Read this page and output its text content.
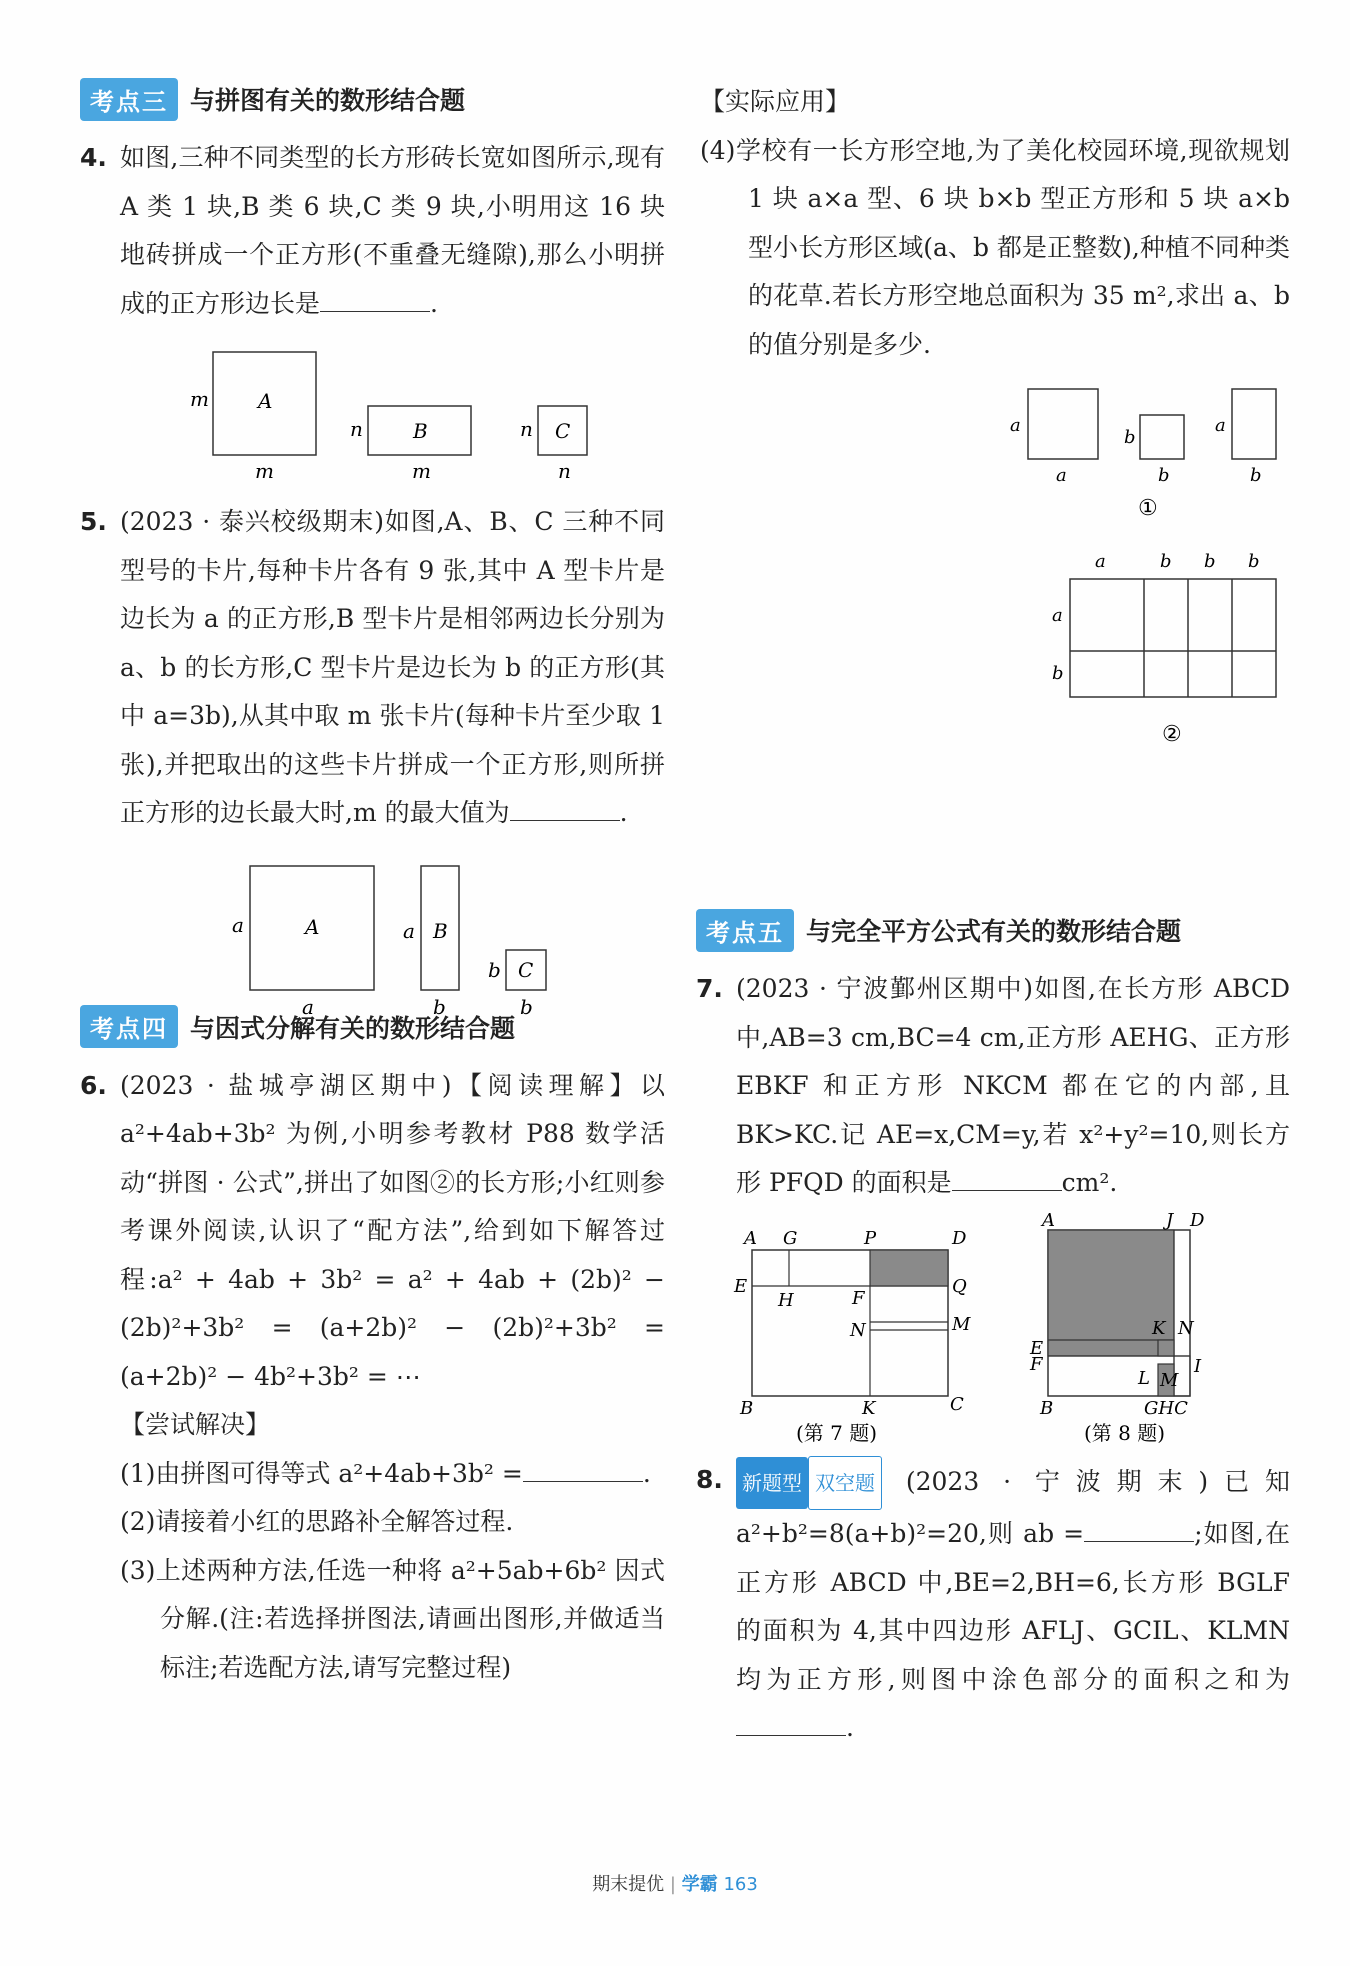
考点三 与拼图有关的数形结合题
4. 如图,三种不同类型的长方形砖长宽如图所示,现有 A 类 1 块,B 类 6 块,C 类 9 块,小明用这 16 块地砖拼成一个正方形(不重叠无缝隙),那么小明拼成的正方形边长是	.

A
m
m
B
n
m
C
n
n
5. (2023 · 泰兴校级期末)如图,A、B、C 三种不同型号的卡片,每种卡片各有 9 张,其中 A 型卡片是边长为 a 的正方形,B 型卡片是相邻两边长分别为 a、b 的长方形,C 型卡片是边长为 b 的正方形(其中 a=3b),从其中取 m 张卡片(每种卡片至少取 1 张),并把取出的这些卡片拼成一个正方形,则所拼正方形的边长最大时,m 的最大值为	.

A
a
a
B
a
b
C
b
b
考点四 与因式分解有关的数形结合题
6. (2023 · 盐城亭湖区期中)【阅读理解】以 a²+4ab+3b² 为例,小明参考教材 P88 数学活动“拼图 · 公式”,拼出了如图②的长方形;小红则参考课外阅读,认识了“配方法”,给到如下解答过程:a² + 4ab + 3b² = a² + 4ab + (2b)² − (2b)²+3b² = (a+2b)² − (2b)²+3b² = (a+2b)² − 4b²+3b² = ⋯

【尝试解决】

(1)由拼图可得等式 a²+4ab+3b² =	.

(2)请接着小红的思路补全解答过程.

(3)上述两种方法,任选一种将 a²+5ab+6b² 因式分解.(注:若选择拼图法,请画出图形,并做适当标注;若选配方法,请写完整过程)

【实际应用】

(4)学校有一长方形空地,为了美化校园环境,现欲规划 1 块 a×a 型、6 块 b×b 型正方形和 5 块 a×b 型小长方形区域(a、b 都是正整数),种植不同种类的花草.若长方形空地总面积为 35 m²,求出 a、b 的值分别是多少.

a
a
b
b
a
b
①
a	b b b
a
b
②
考点五 与完全平方公式有关的数形结合题
7. (2023 · 宁波鄞州区期中)如图,在长方形 ABCD 中,AB=3 cm,BC=4 cm,正方形 AEHG、正方形 EBKF 和正方形 NKCM 都在它的内部,且 BK>KC.记 AE=x,CM=y,若 x²+y²=10,则长方形 PFQD 的面积是	cm².

A G	P	D
E
H	F
Q
N	M
B	K	C
(第 7 题)
A	J D
K N
E
F
L M
I
B	GHC
(第 8 题)
8. 新题型 双空题 (2023 · 宁波期末)已知 a²+b²=8(a+b)²=20,则 ab =	;如图,在正方形 ABCD 中,BE=2,BH=6,长方形 BGLF 的面积为 4,其中四边形 AFLJ、GCIL、KLMN 均为正方形,则图中涂色部分的面积之和为.

期末提优 | 学霸 163
